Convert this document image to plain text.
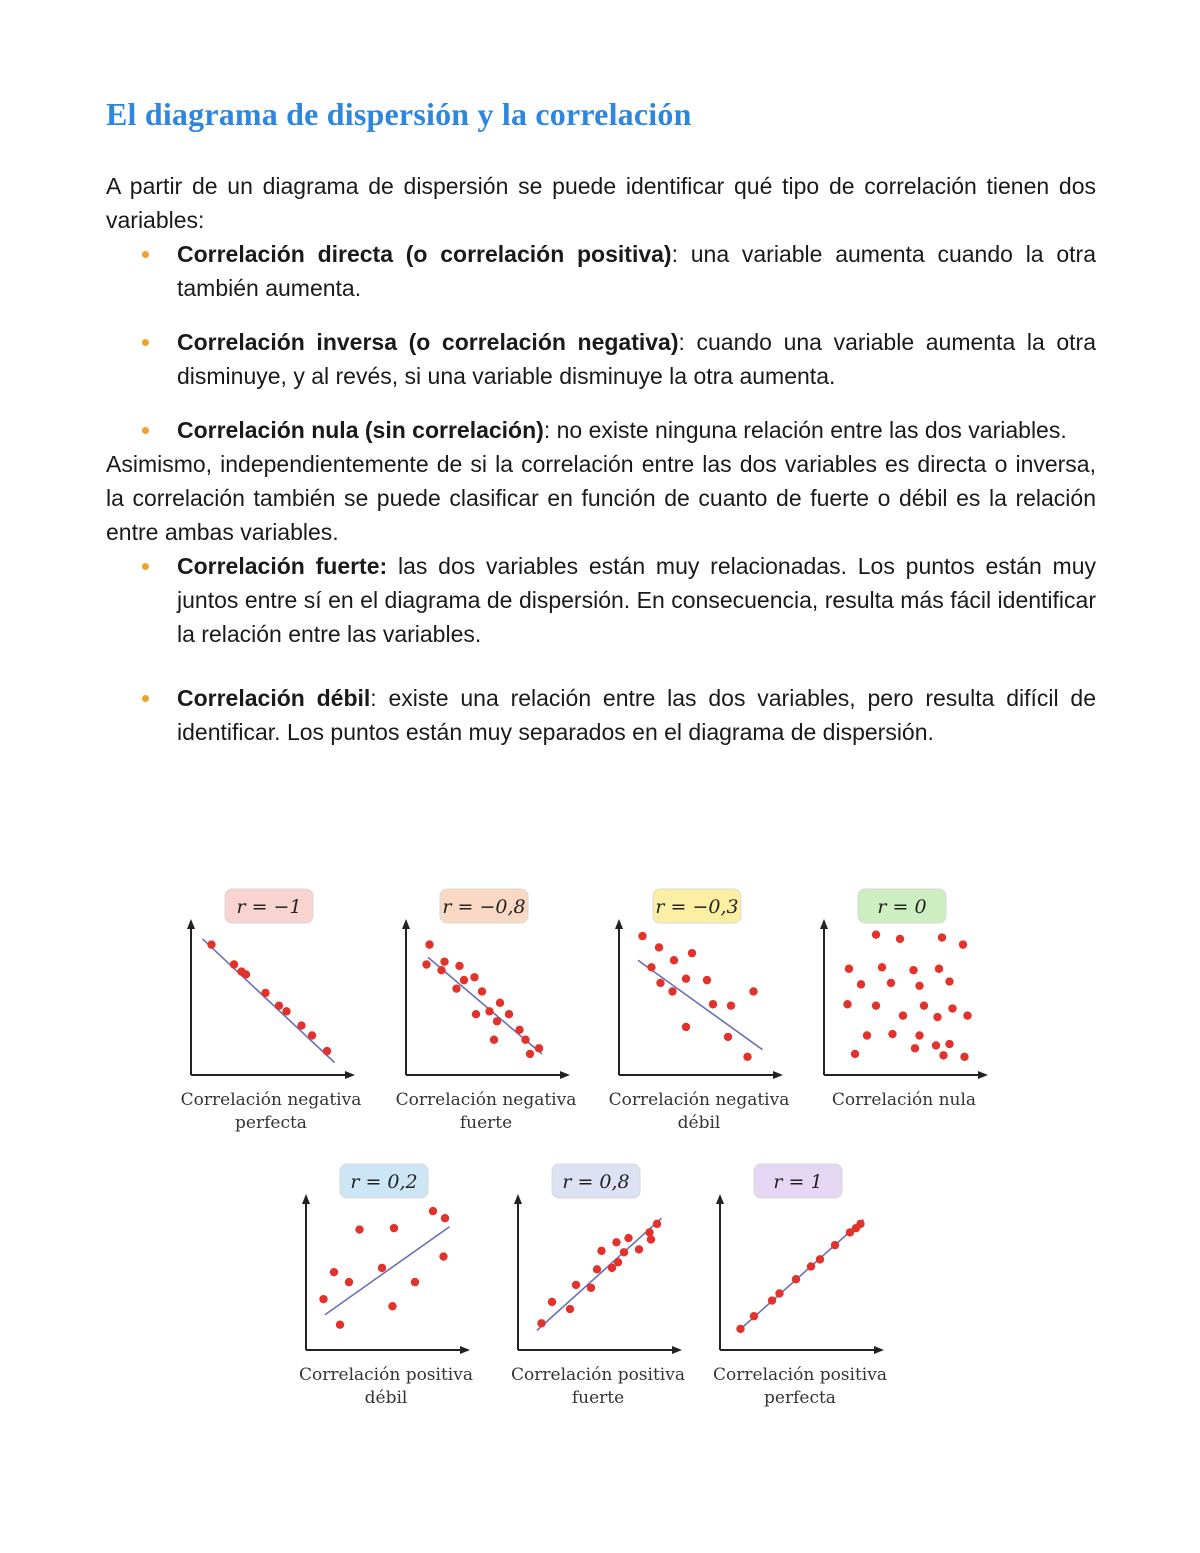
El diagrama de dispersión y la correlación

A partir de un diagrama de dispersión se puede identificar qué tipo de correlación tienen dos variables:

Correlación directa (o correlación positiva): una variable aumenta cuando la otra también aumenta.
Correlación inversa (o correlación negativa): cuando una variable aumenta la otra disminuye, y al revés, si una variable disminuye la otra aumenta.
Correlación nula (sin correlación): no existe ninguna relación entre las dos variables.

Asimismo, independientemente de si la correlación entre las dos variables es directa o inversa, la correlación también se puede clasificar en función de cuanto de fuerte o débil es la relación entre ambas variables.

Correlación fuerte: las dos variables están muy relacionadas. Los puntos están muy juntos entre sí en el diagrama de dispersión. En consecuencia, resulta más fácil identificar la relación entre las variables.
Correlación débil: existe una relación entre las dos variables, pero resulta difícil de identificar. Los puntos están muy separados en el diagrama de dispersión.
r = −1
Correlación negativa
perfecta
r = −0,8
Correlación negativa
fuerte
r = −0,3
Correlación negativa
débil
r = 0
Correlación nula
r = 0,2
Correlación positiva
débil
r = 0,8
Correlación positiva
fuerte
r = 1
Correlación positiva
perfecta
